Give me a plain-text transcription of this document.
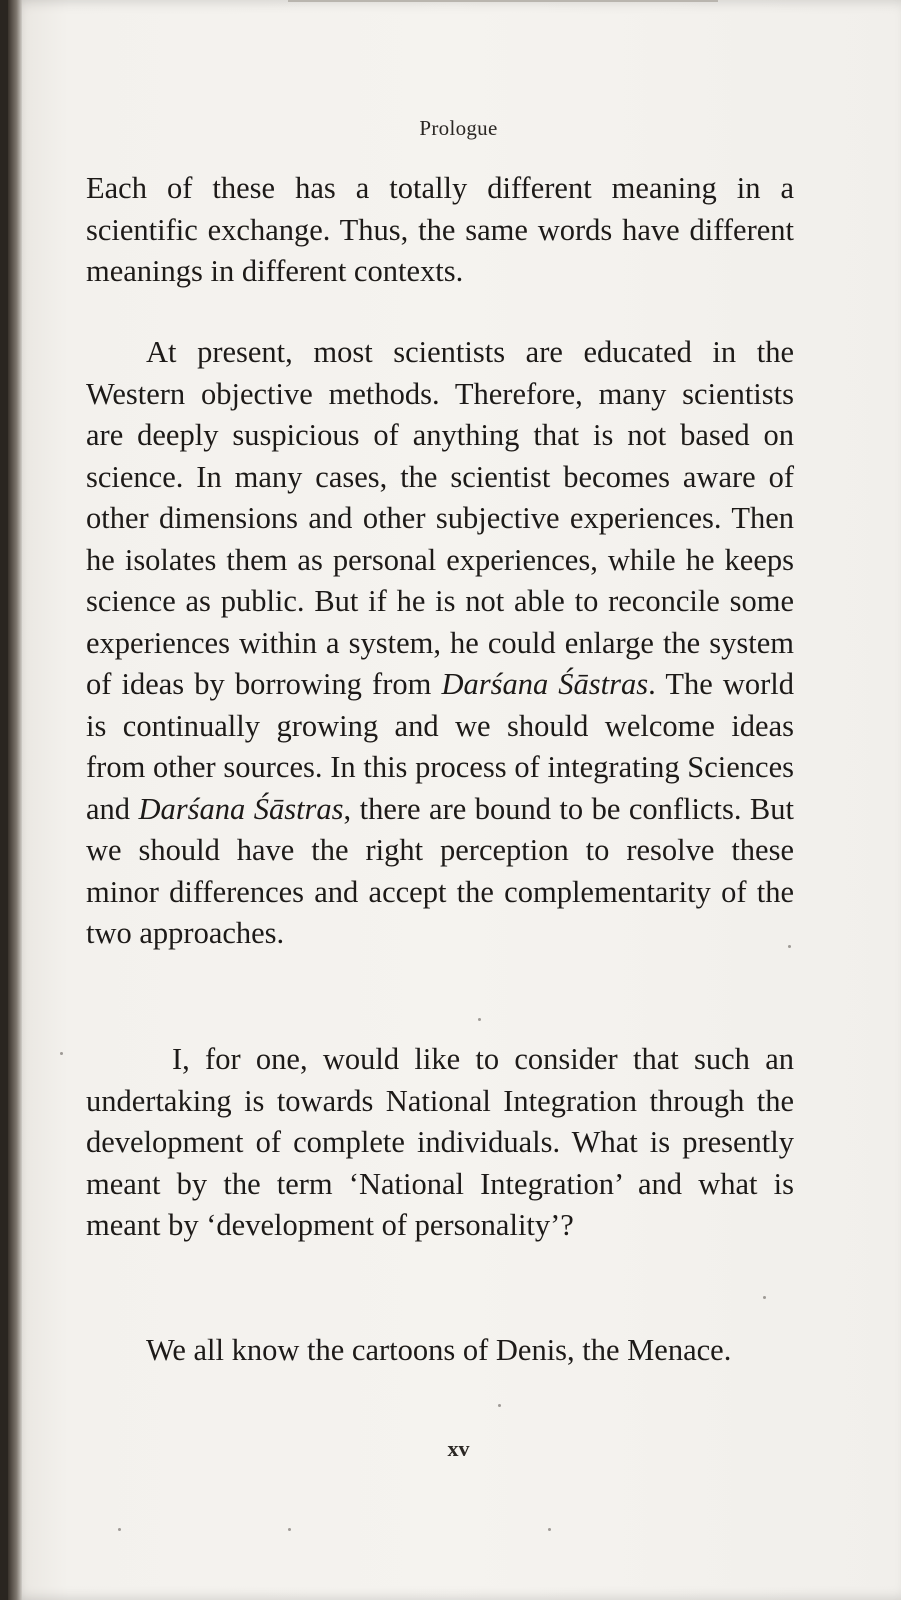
Prologue

Each of these has a totally different meaning in a scientific exchange. Thus, the same words have different meanings in different contexts.

At present, most scientists are educated in the Western objective methods. Therefore, many scientists are deeply suspicious of anything that is not based on science. In many cases, the scientist becomes aware of other dimensions and other subjective experiences. Then he isolates them as personal experiences, while he keeps science as public. But if he is not able to reconcile some experiences within a system, he could enlarge the system of ideas by borrowing from Darśana Śāstras. The world is continually growing and we should welcome ideas from other sources. In this process of integrating Sciences and Darśana Śāstras, there are bound to be conflicts. But we should have the right perception to resolve these minor differences and accept the complementarity of the two approaches.

I, for one, would like to consider that such an undertaking is towards National Integration through the development of complete individuals. What is presently meant by the term ‘National Integration’ and what is meant by ‘development of personality’?

We all know the cartoons of Denis, the Menace.

xv
